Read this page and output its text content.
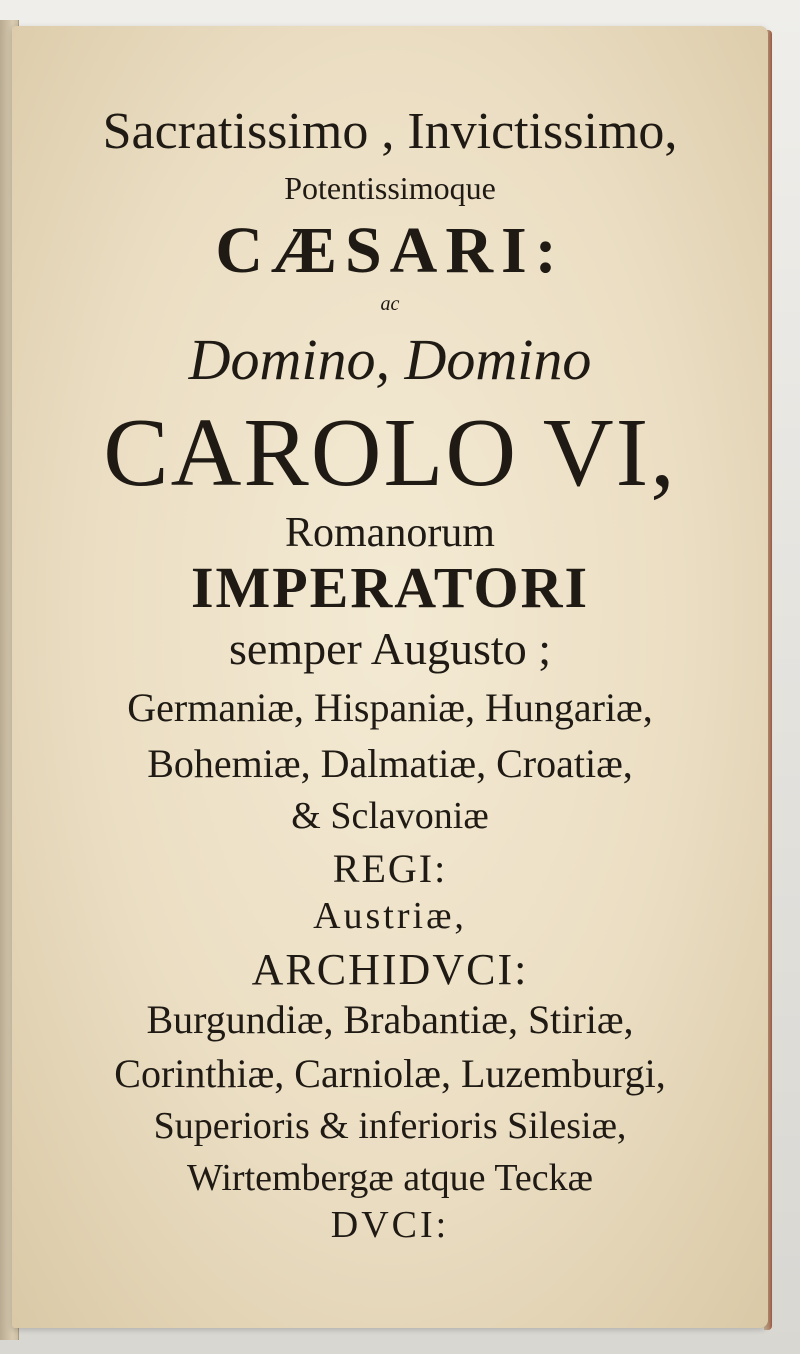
Sacratissimo , Invictissimo,
Potentissimoque
CÆSARI:
ac
Domino, Domino
CAROLO VI,
Romanorum
IMPERATORI
semper Augusto ;
Germaniæ, Hispaniæ, Hungariæ,
Bohemiæ, Dalmatiæ, Croatiæ,
& Sclavoniæ
REGI:
Austriæ,
ARCHIDVCI:
Burgundiæ, Brabantiæ, Stiriæ,
Corinthiæ, Carniolæ, Luzemburgi,
Superioris & inferioris Silesiæ,
Wirtembergæ atque Teckæ
DVCI:
